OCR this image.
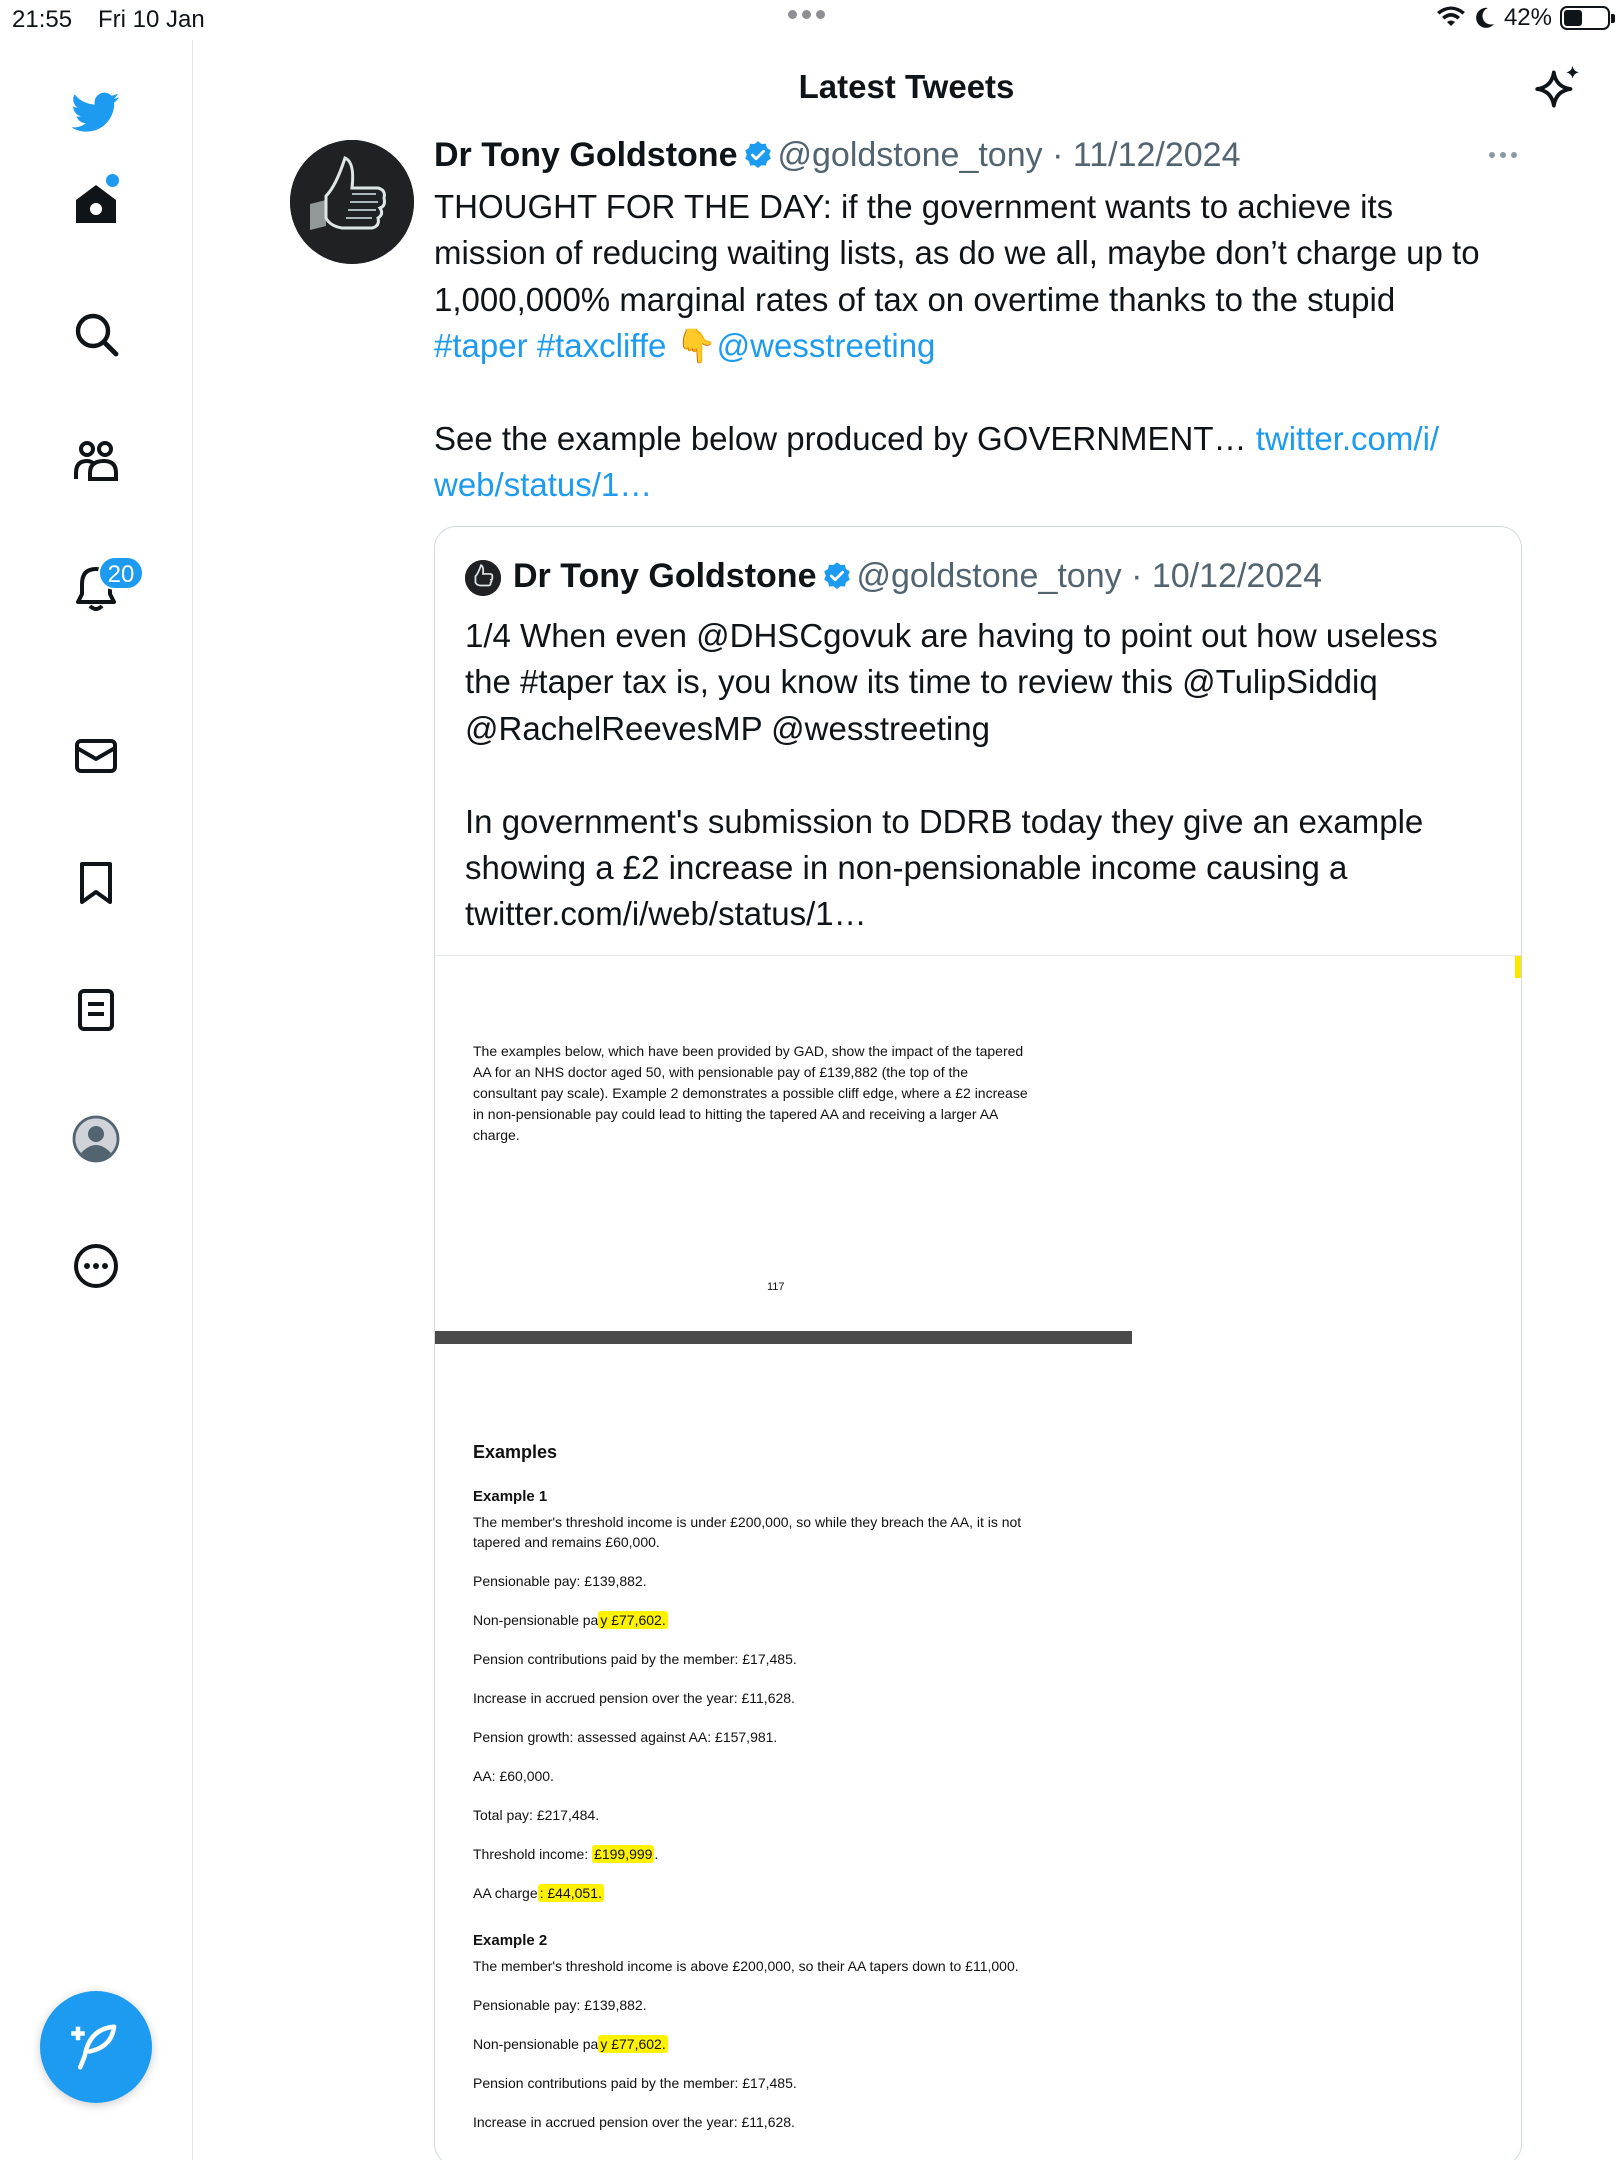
21:55 Fri 10 Jan	42%
20
Latest Tweets
Dr Tony Goldstone @goldstone_tony · 11/12/2024

THOUGHT FOR THE DAY: if the government wants to achieve its

mission of reducing waiting lists, as do we all, maybe don’t charge up to

1,000,000% marginal rates of tax on overtime thanks to the stupid

#taper #taxcliffe 👇@wesstreeting

See the example below produced by GOVERNMENT… twitter.com/i/

web/status/1…

Dr Tony Goldstone @goldstone_tony · 10/12/2024

1/4 When even @DHSCgovuk are having to point out how useless

the #taper tax is, you know its time to review this @TulipSiddiq

@RachelReevesMP @wesstreeting

In government's submission to DDRB today they give an example

showing a £2 increase in non-pensionable income causing a

twitter.com/i/web/status/1…

The examples below, which have been provided by GAD, show the impact of the tapered
AA for an NHS doctor aged 50, with pensionable pay of £139,882 (the top of the
consultant pay scale). Example 2 demonstrates a possible cliff edge, where a £2 increase
in non-pensionable pay could lead to hitting the tapered AA and receiving a larger AA
charge.
117
Examples
Example 1
The member's threshold income is under £200,000, so while they breach the AA, it is not
tapered and remains £60,000.
Pensionable pay: £139,882.
Non-pensionable pa y £77,602.
Pension contributions paid by the member: £17,485.
Increase in accrued pension over the year: £11,628.
Pension growth: assessed against AA: £157,981.
AA: £60,000.
Total pay: £217,484.
Threshold income: £199,999 .
AA charge : £44,051.
Example 2
The member's threshold income is above £200,000, so their AA tapers down to £11,000.
Pensionable pay: £139,882.
Non-pensionable pa y £77,602.
Pension contributions paid by the member: £17,485.
Increase in accrued pension over the year: £11,628.
